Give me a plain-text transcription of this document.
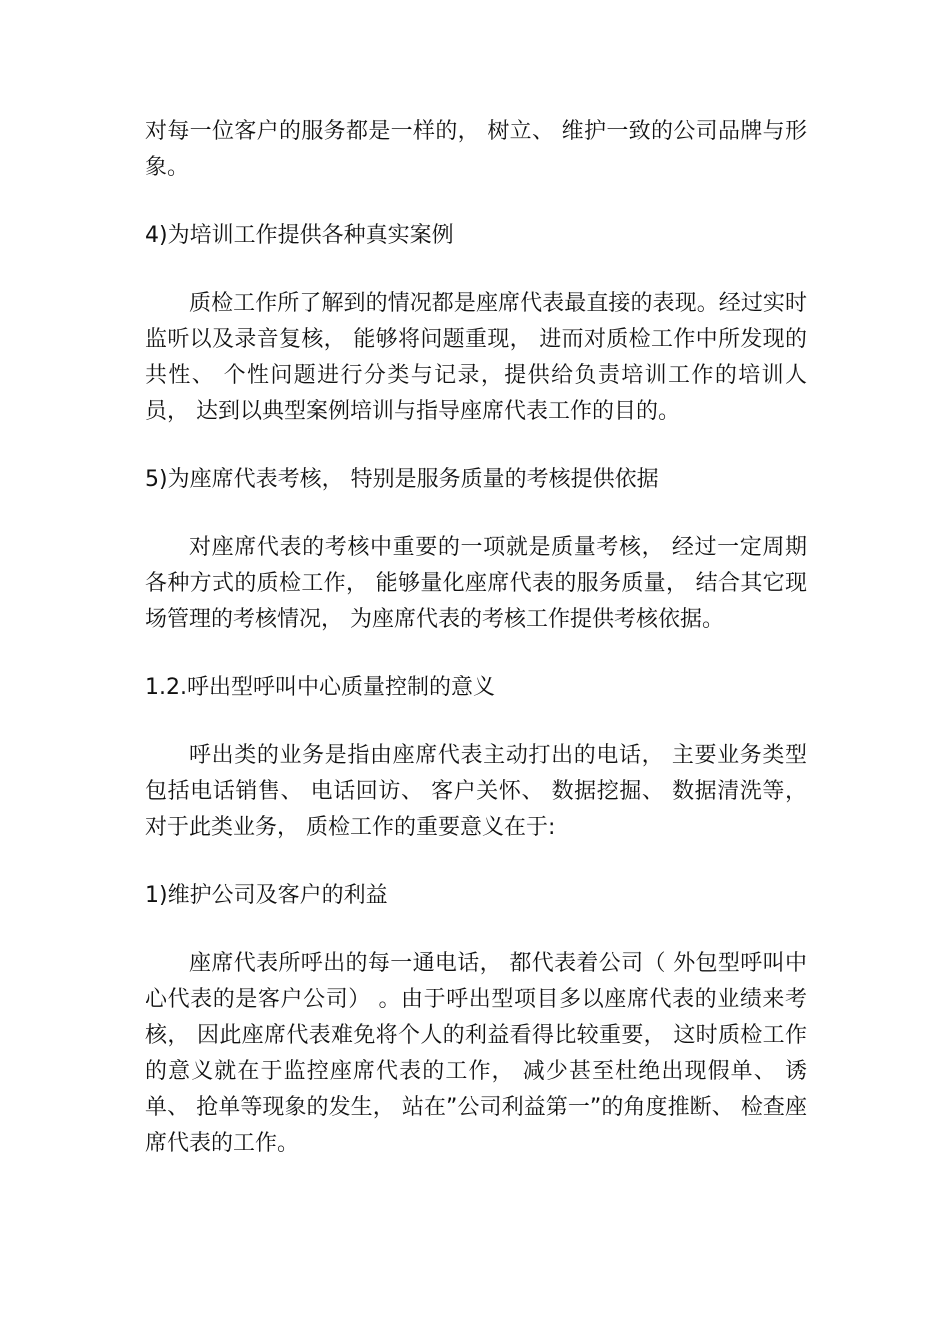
对每一位客户的服务都是一样的， 树立、 维护一致的公司品牌与形象。

4)为培训工作提供各种真实案例

质检工作所了解到的情况都是座席代表最直接的表现。经过实时监听以及录音复核， 能够将问题重现， 进而对质检工作中所发现的共性、 个性问题进行分类与记录，提供给负责培训工作的培训人员， 达到以典型案例培训与指导座席代表工作的目的。

5)为座席代表考核， 特别是服务质量的考核提供依据

对座席代表的考核中重要的一项就是质量考核， 经过一定周期各种方式的质检工作， 能够量化座席代表的服务质量， 结合其它现场管理的考核情况， 为座席代表的考核工作提供考核依据。

1.2.呼出型呼叫中心质量控制的意义

呼出类的业务是指由座席代表主动打出的电话， 主要业务类型包括电话销售、 电话回访、 客户关怀、 数据挖掘、 数据清洗等， 对于此类业务， 质检工作的重要意义在于:

1)维护公司及客户的利益

座席代表所呼出的每一通电话， 都代表着公司（ 外包型呼叫中心代表的是客户公司） 。由于呼出型项目多以座席代表的业绩来考核， 因此座席代表难免将个人的利益看得比较重要， 这时质检工作的意义就在于监控座席代表的工作， 减少甚至杜绝出现假单、 诱单、 抢单等现象的发生， 站在”公司利益第一”的角度推断、 检查座席代表的工作。
